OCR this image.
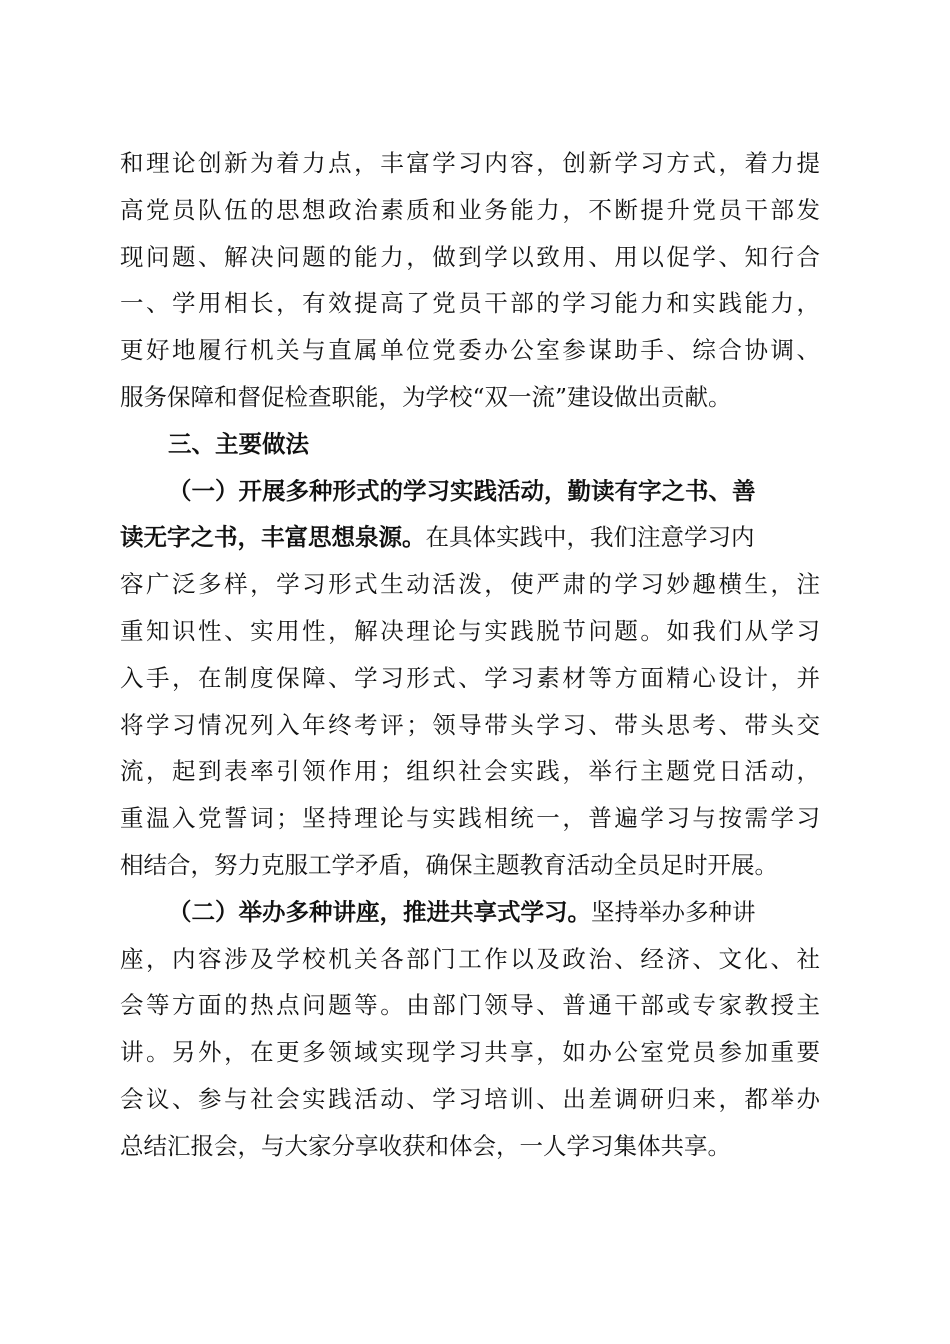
和理论创新为着力点，丰富学习内容，创新学习方式，着力提
高党员队伍的思想政治素质和业务能力，不断提升党员干部发
现问题、解决问题的能力，做到学以致用、用以促学、知行合
一、学用相长，有效提高了党员干部的学习能力和实践能力，
更好地履行机关与直属单位党委办公室参谋助手、综合协调、
服务保障和督促检查职能，为学校“双一流”建设做出贡献。
三、主要做法
（一）开展多种形式的学习实践活动，勤读有字之书、善
读无字之书，丰富思想泉源。在具体实践中，我们注意学习内
容广泛多样，学习形式生动活泼，使严肃的学习妙趣横生，注
重知识性、实用性，解决理论与实践脱节问题。如我们从学习
入手，在制度保障、学习形式、学习素材等方面精心设计，并
将学习情况列入年终考评；领导带头学习、带头思考、带头交
流，起到表率引领作用；组织社会实践，举行主题党日活动，
重温入党誓词；坚持理论与实践相统一，普遍学习与按需学习
相结合，努力克服工学矛盾，确保主题教育活动全员足时开展。
（二）举办多种讲座，推进共享式学习。坚持举办多种讲
座，内容涉及学校机关各部门工作以及政治、经济、文化、社
会等方面的热点问题等。由部门领导、普通干部或专家教授主
讲。另外，在更多领域实现学习共享，如办公室党员参加重要
会议、参与社会实践活动、学习培训、出差调研归来，都举办
总结汇报会，与大家分享收获和体会，一人学习集体共享。
